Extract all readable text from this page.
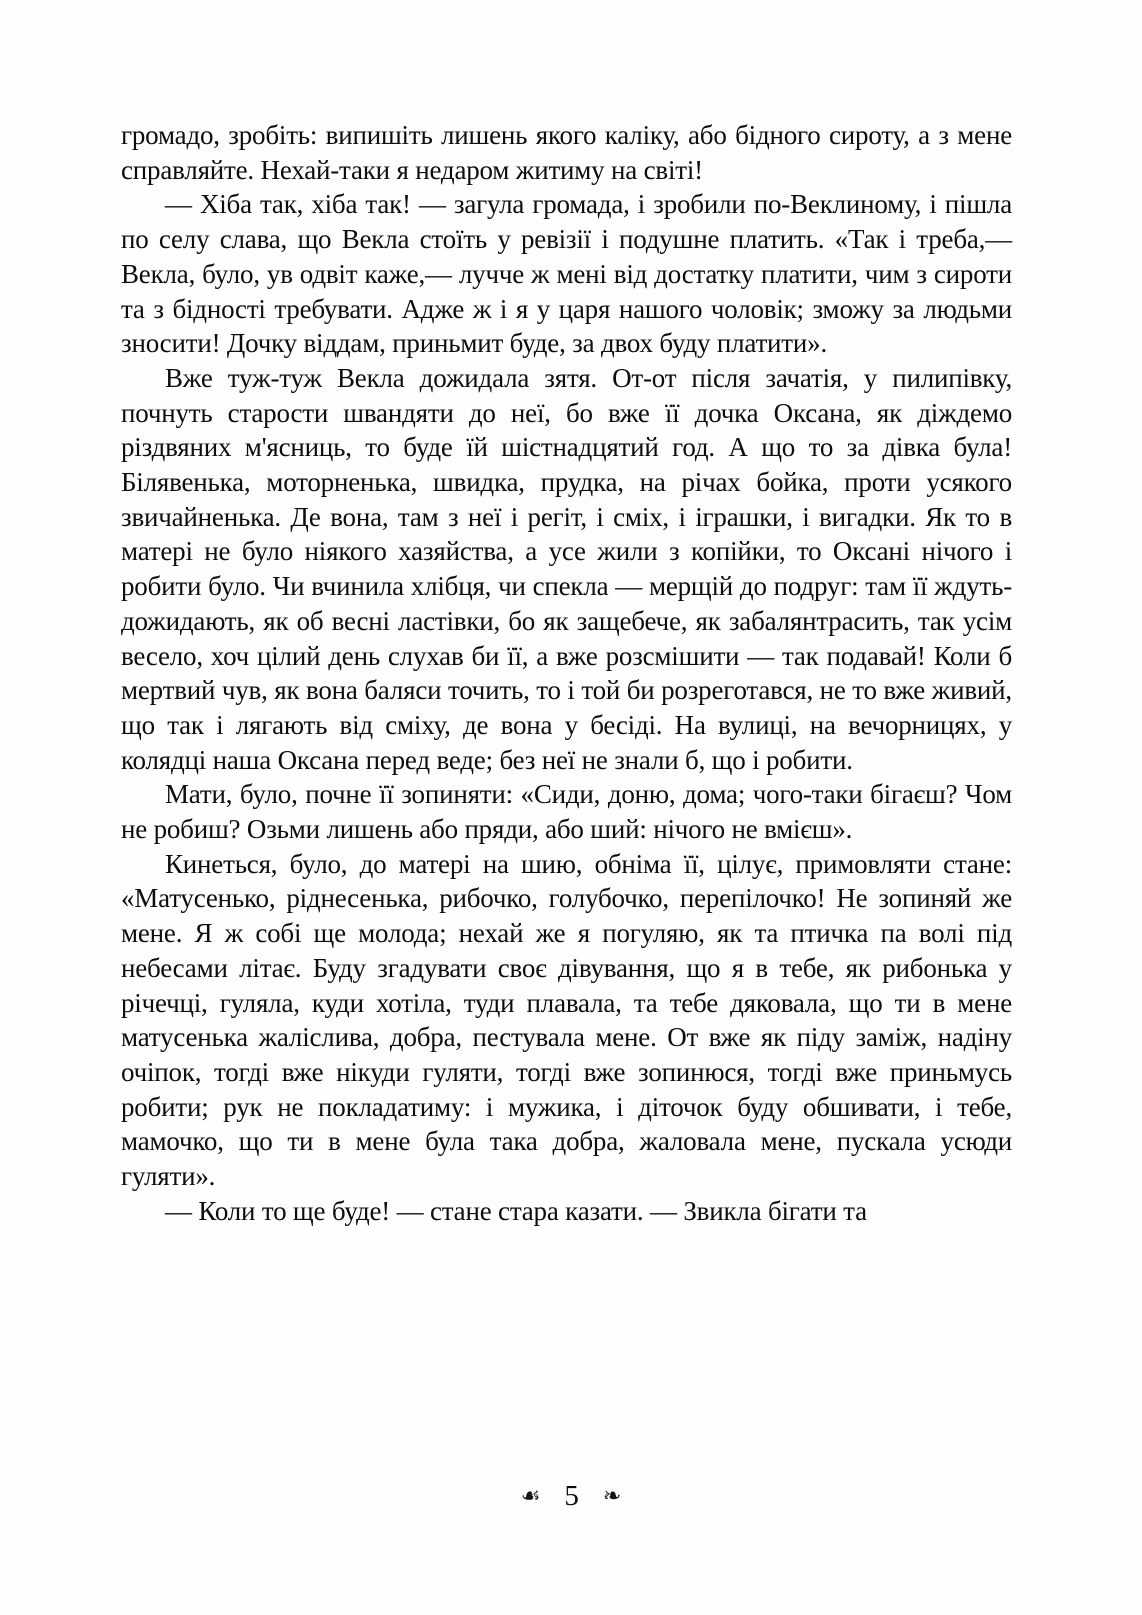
громадо, зробіть: випишіть лишень якого каліку, або бідного сироту, а з мене справляйте. Нехай-таки я недаром житиму на світі!

— Хіба так, хіба так! — загула громада, і зробили по-Веклиному, і пішла по селу слава, що Векла стоїть у ревізії і подушне платить. «Так і треба,— Векла, було, ув одвіт каже,— лучче ж мені від достатку платити, чим з сироти та з бідності требувати. Адже ж і я у царя нашого чоловік; зможу за людьми зносити! Дочку віддам, приньмит буде, за двох буду платити».

Вже туж-туж Векла дожидала зятя. От-от після зачатія, у пилипівку, почнуть старости швандяти до неї, бо вже її дочка Оксана, як діждемо різдвяних м'ясниць, то буде їй шістнадцятий год. А що то за дівка була! Білявенька, моторненька, швидка, прудка, на річах бойка, проти усякого звичайненька. Де вона, там з неї і регіт, і сміх, і іграшки, і вигадки. Як то в матері не було ніякого хазяйства, а усе жили з копійки, то Оксані нічого і робити було. Чи вчинила хлібця, чи спекла — мерщій до подруг: там її ждуть-дожидають, як об весні ластівки, бо як защебече, як забалянтрасить, так усім весело, хоч цілий день слухав би її, а вже розсмішити — так подавай! Коли б мертвий чув, як вона баляси точить, то і той би розреготався, не то вже живий, що так і лягають від сміху, де вона у бесіді. На вулиці, на вечорницях, у колядці наша Оксана перед веде; без неї не знали б, що і робити.

Мати, було, почне її зопиняти: «Сиди, доню, дома; чого-таки бігаєш? Чом не робиш? Озьми лишень або пряди, або ший: нічого не вмієш».

Кинеться, було, до матері на шию, обніма її, цілує, примовляти стане: «Матусенько, ріднесенька, рибочко, голубочко, перепілочко! Не зопиняй же мене. Я ж собі ще молода; нехай же я погуляю, як та птичка па волі під небесами літає. Буду згадувати своє дівування, що я в тебе, як рибонька у річечці, гуляла, куди хотіла, туди плавала, та тебе дяковала, що ти в мене матусенька жаліслива, добра, пестувала мене. От вже як піду заміж, надіну очіпок, тогді вже нікуди гуляти, тогді вже зопинюся, тогді вже приньмусь робити; рук не покладатиму: і мужика, і діточок буду обшивати, і тебе, мамочко, що ти в мене була така добра, жаловала мене, пускала усюди гуляти».

— Коли то ще буде! — стане стара казати. — Звикла бігати та

☙ 5 ❧
